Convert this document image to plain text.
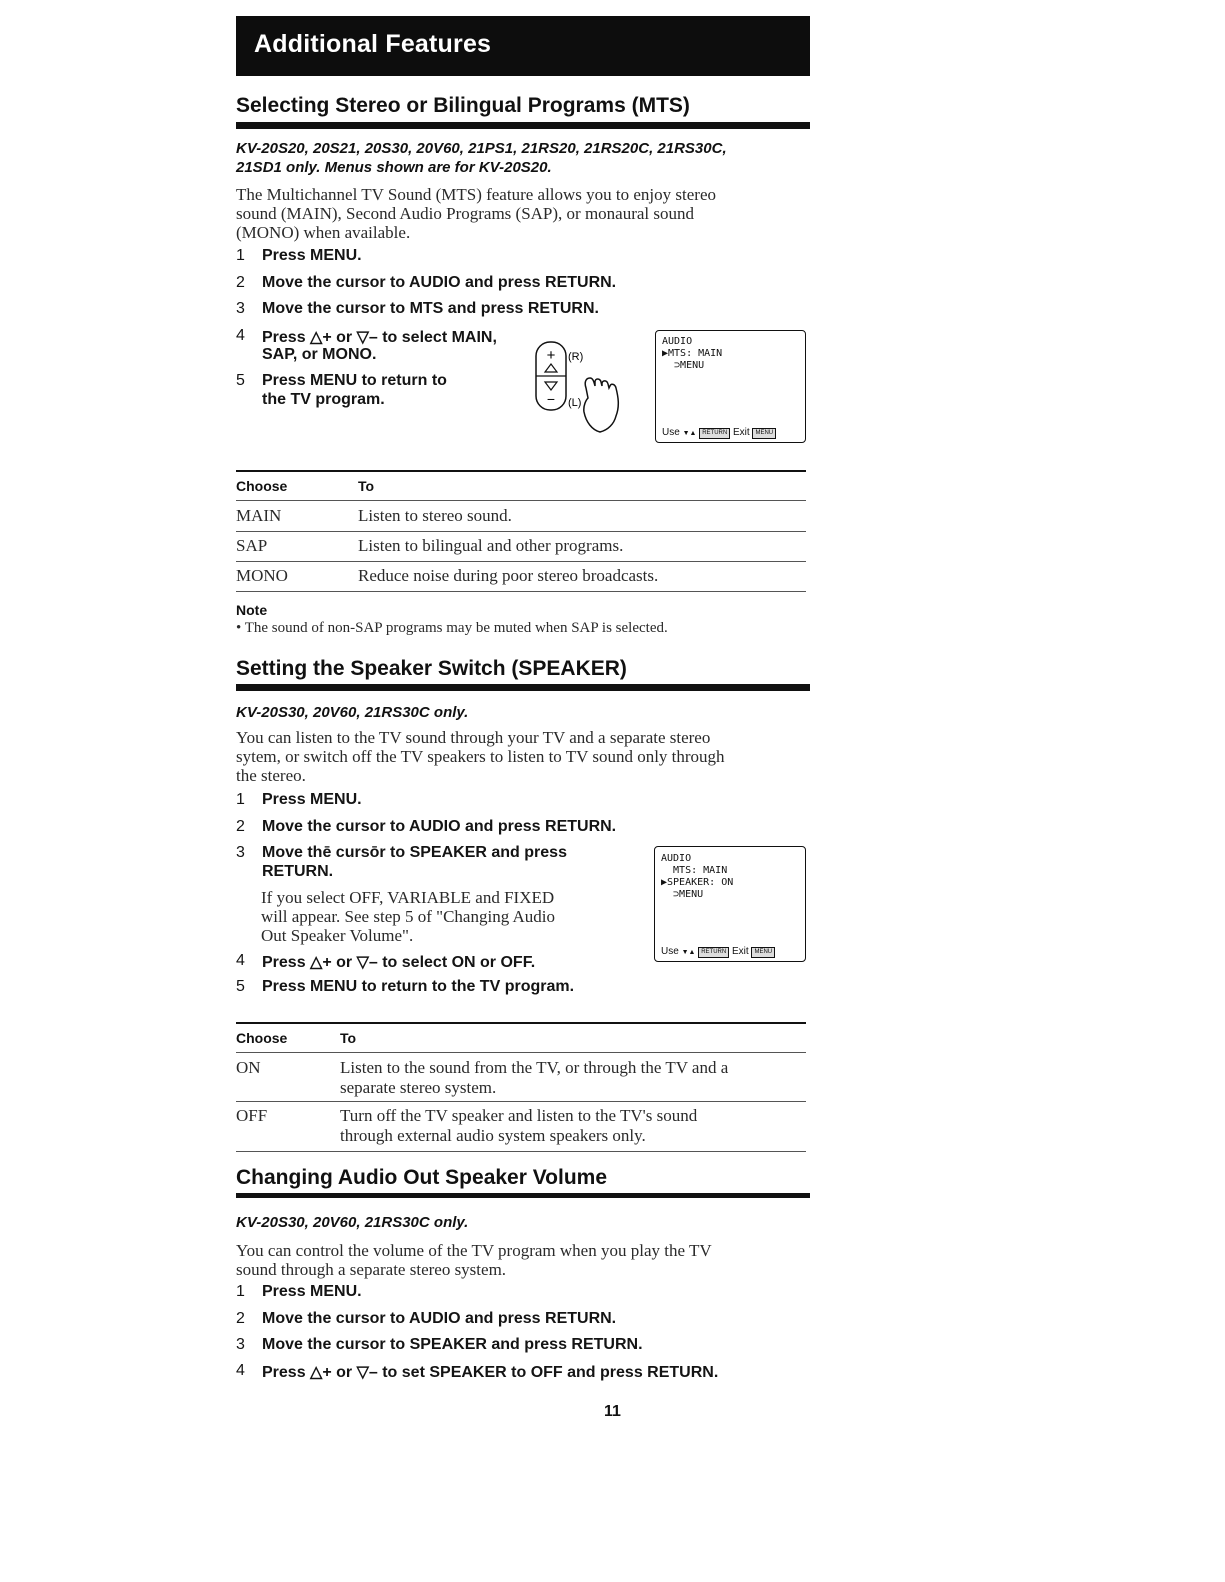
Additional Features
Selecting Stereo or Bilingual Programs (MTS)
KV-20S20, 20S21, 20S30, 20V60, 21PS1, 21RS20, 21RS20C, 21RS30C,
21SD1 only. Menus shown are for KV-20S20.
The Multichannel TV Sound (MTS) feature allows you to enjoy stereo
sound (MAIN), Second Audio Programs (SAP), or monaural sound
(MONO) when available.
1 Press MENU.
2 Move the cursor to AUDIO and press RETURN.
3 Move the cursor to MTS and press RETURN.
4 Press △+ or ▽– to select MAIN,
SAP, or MONO.
5 Press MENU to return to
the TV program.
+
−
(R)
(L)
AUDIO
▶MTS: MAIN
⊃MENU
Use ▼▲ RETURN Exit MENU
Choose	To
MAIN	Listen to stereo sound.
SAP	Listen to bilingual and other programs.
MONO	Reduce noise during poor stereo broadcasts.
Note
• The sound of non-SAP programs may be muted when SAP is selected.
Setting the Speaker Switch (SPEAKER)
KV-20S30, 20V60, 21RS30C only.
You can listen to the TV sound through your TV and a separate stereo
sytem, or switch off the TV speakers to listen to TV sound only through
the stereo.
1 Press MENU.
2 Move the cursor to AUDIO and press RETURN.
3 Move thē cursōr to SPEAKER and press
RETURN.
If you select OFF, VARIABLE and FIXED
will appear. See step 5 of "Changing Audio
Out Speaker Volume".
4 Press △+ or ▽– to select ON or OFF.
5 Press MENU to return to the TV program.
AUDIO
MTS: MAIN
▶SPEAKER: ON
⊃MENU
Use ▼▲ RETURN Exit MENU
Choose	To
ON	Listen to the sound from the TV, or through the TV and a
separate stereo system.
OFF	Turn off the TV speaker and listen to the TV's sound
through external audio system speakers only.
Changing Audio Out Speaker Volume
KV-20S30, 20V60, 21RS30C only.
You can control the volume of the TV program when you play the TV
sound through a separate stereo system.
1 Press MENU.
2 Move the cursor to AUDIO and press RETURN.
3 Move the cursor to SPEAKER and press RETURN.
4 Press △+ or ▽– to set SPEAKER to OFF and press RETURN.
11
